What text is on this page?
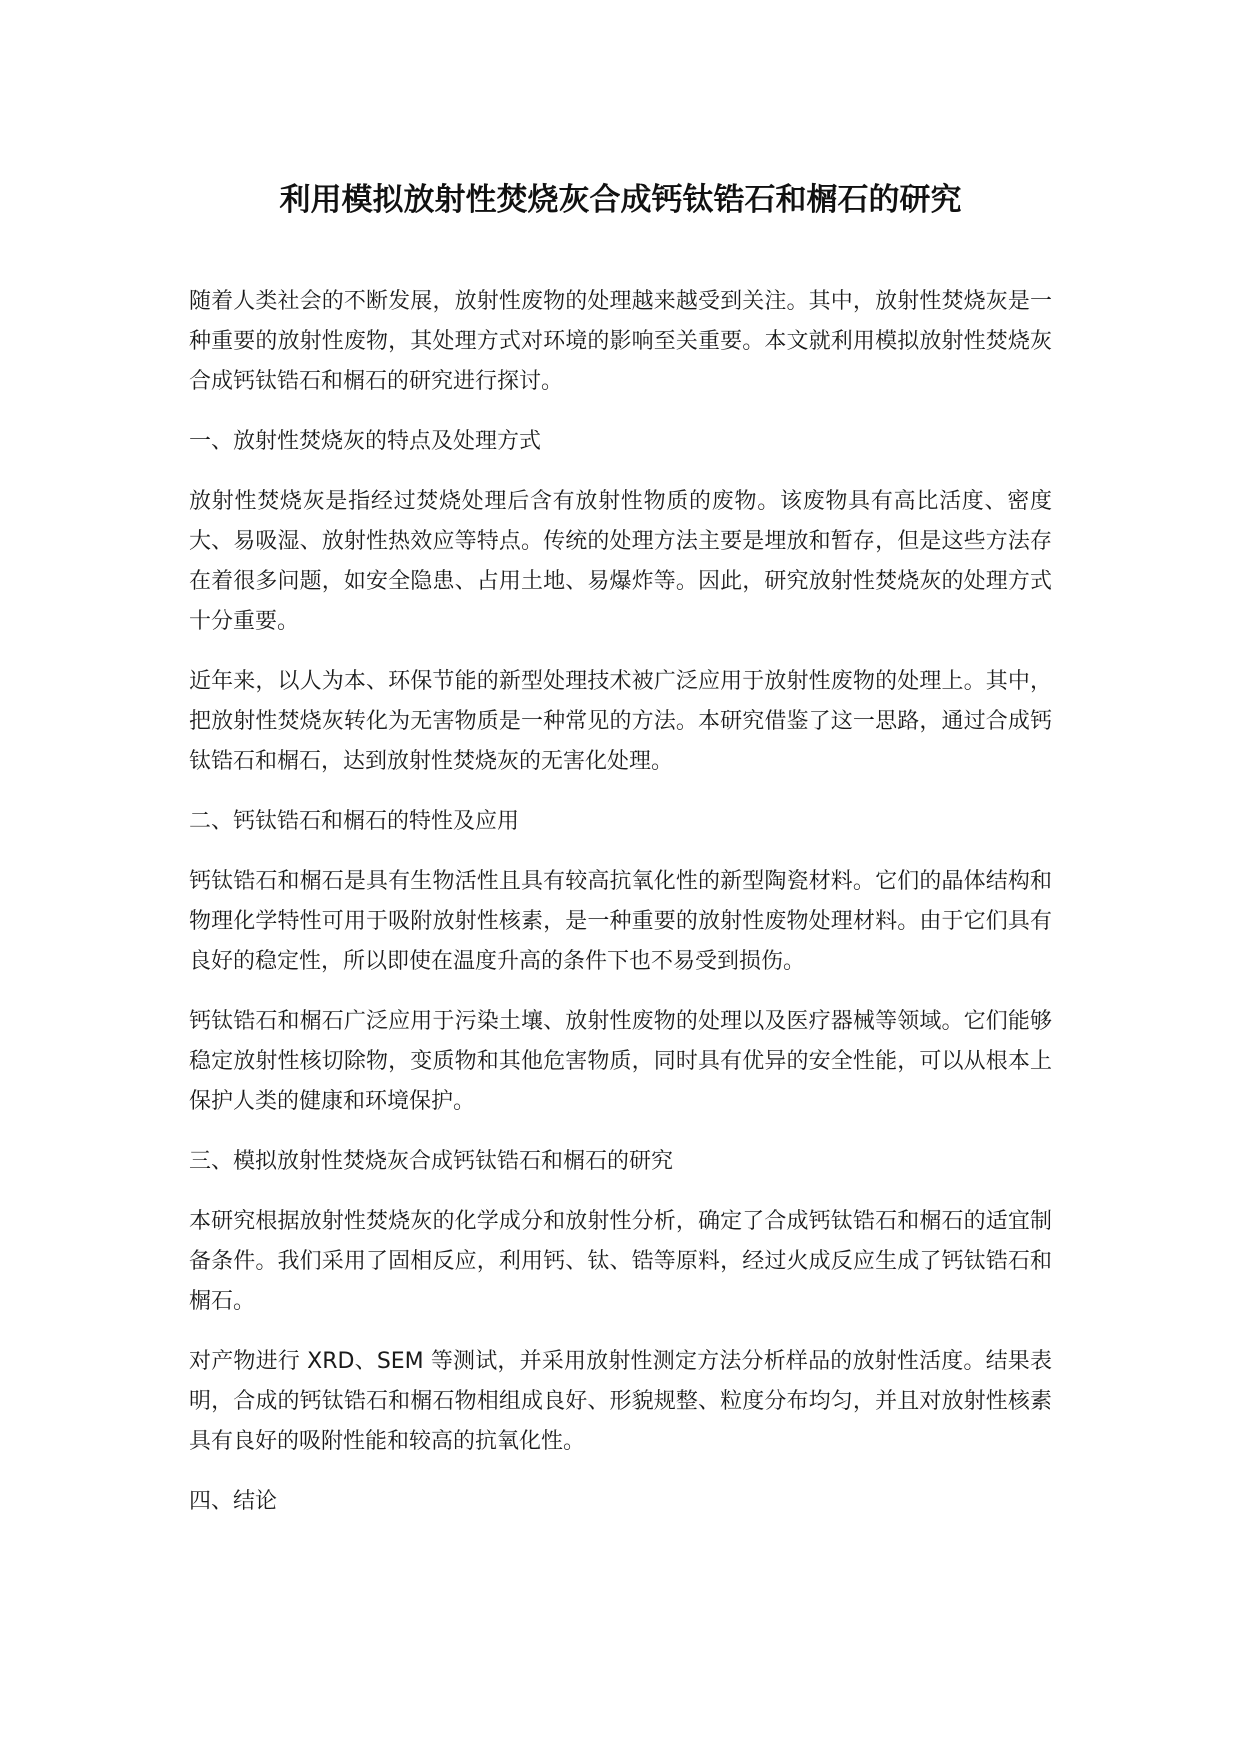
利用模拟放射性焚烧灰合成钙钛锆石和榍石的研究

随着人类社会的不断发展，放射性废物的处理越来越受到关注。其中，放射性焚烧灰是一种重要的放射性废物，其处理方式对环境的影响至关重要。本文就利用模拟放射性焚烧灰合成钙钛锆石和榍石的研究进行探讨。

一、放射性焚烧灰的特点及处理方式

放射性焚烧灰是指经过焚烧处理后含有放射性物质的废物。该废物具有高比活度、密度大、易吸湿、放射性热效应等特点。传统的处理方法主要是埋放和暂存，但是这些方法存在着很多问题，如安全隐患、占用土地、易爆炸等。因此，研究放射性焚烧灰的处理方式十分重要。

近年来，以人为本、环保节能的新型处理技术被广泛应用于放射性废物的处理上。其中，把放射性焚烧灰转化为无害物质是一种常见的方法。本研究借鉴了这一思路，通过合成钙钛锆石和榍石，达到放射性焚烧灰的无害化处理。

二、钙钛锆石和榍石的特性及应用

钙钛锆石和榍石是具有生物活性且具有较高抗氧化性的新型陶瓷材料。它们的晶体结构和物理化学特性可用于吸附放射性核素，是一种重要的放射性废物处理材料。由于它们具有良好的稳定性，所以即使在温度升高的条件下也不易受到损伤。

钙钛锆石和榍石广泛应用于污染土壤、放射性废物的处理以及医疗器械等领域。它们能够稳定放射性核切除物，变质物和其他危害物质，同时具有优异的安全性能，可以从根本上保护人类的健康和环境保护。

三、模拟放射性焚烧灰合成钙钛锆石和榍石的研究

本研究根据放射性焚烧灰的化学成分和放射性分析，确定了合成钙钛锆石和榍石的适宜制备条件。我们采用了固相反应，利用钙、钛、锆等原料，经过火成反应生成了钙钛锆石和榍石。

对产物进行 XRD、SEM 等测试，并采用放射性测定方法分析样品的放射性活度。结果表明，合成的钙钛锆石和榍石物相组成良好、形貌规整、粒度分布均匀，并且对放射性核素具有良好的吸附性能和较高的抗氧化性。

四、结论
